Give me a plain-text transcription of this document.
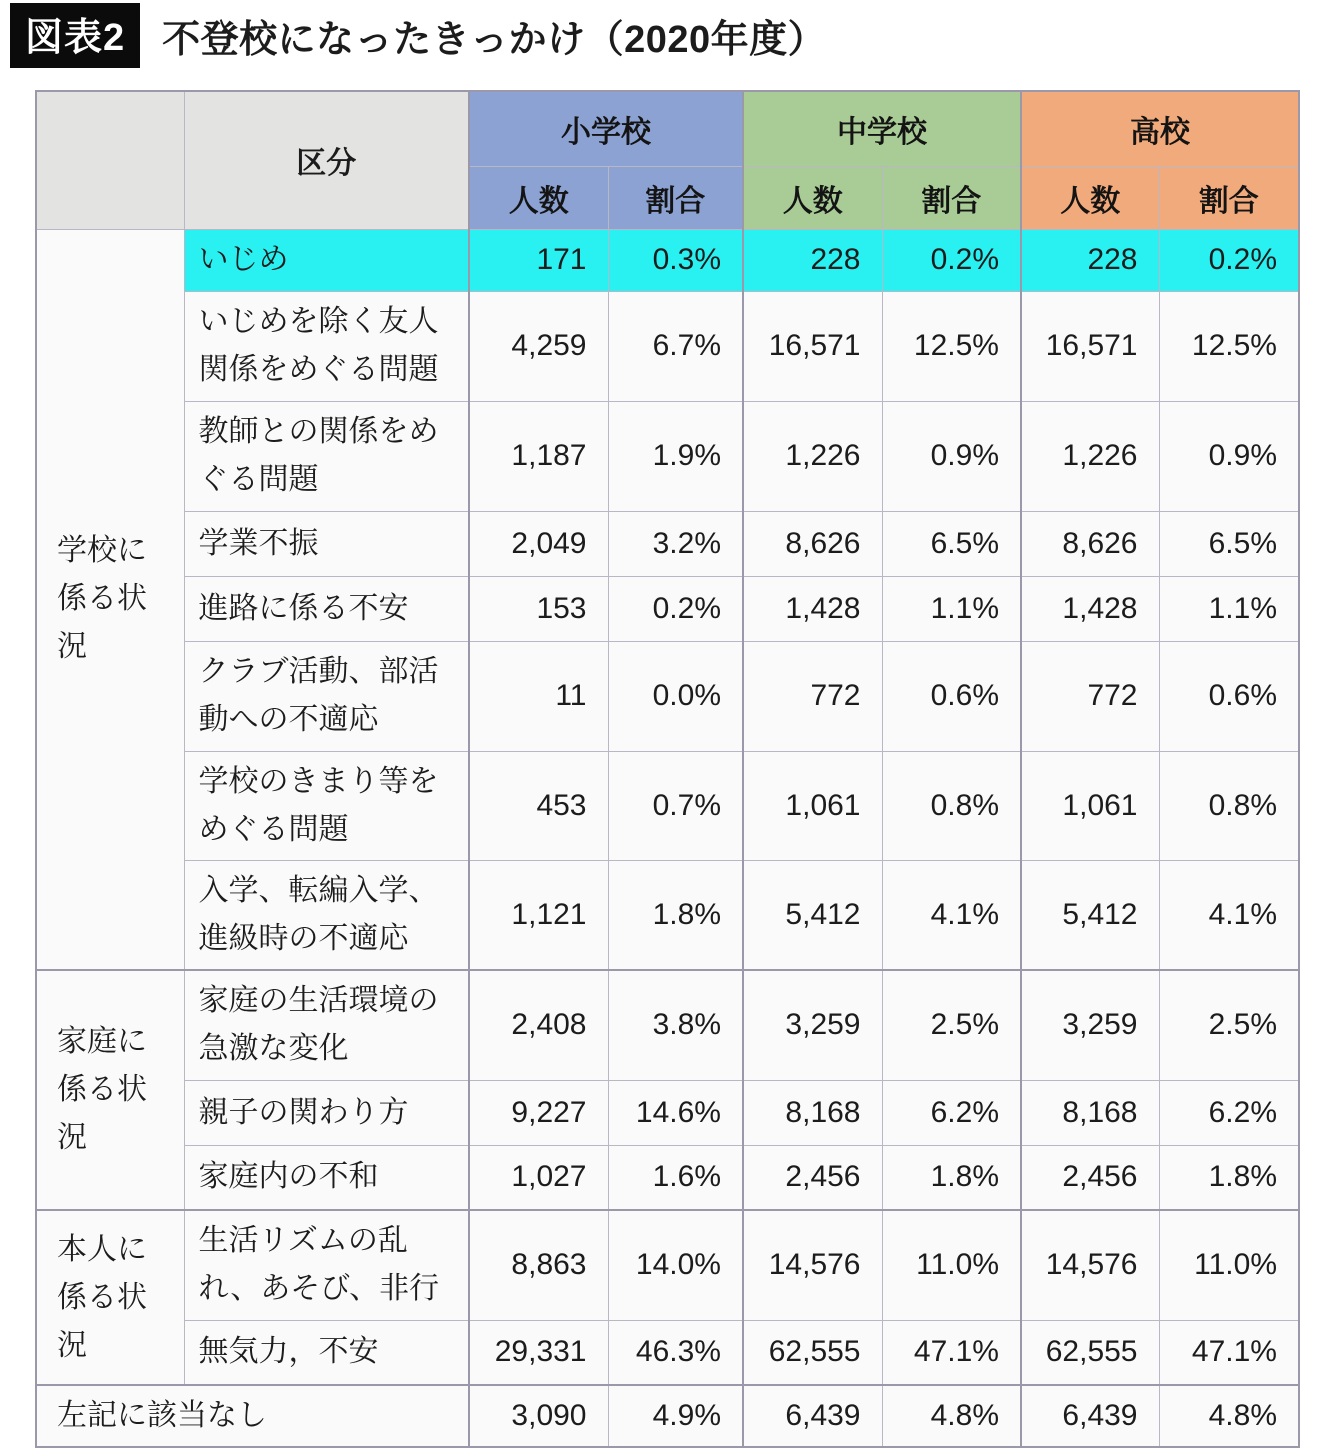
図表2 不登校になったきっかけ（2020年度）
	区分	小学校		中学校		高校	
		人数	割合	人数	割合	人数	割合
学校に係る状況	いじめ	171	0.3%	228	0.2%	228	0.2%
	いじめを除く友人関係をめぐる問題	4,259	6.7%	16,571	12.5%	16,571	12.5%
	教師との関係をめぐる問題	1,187	1.9%	1,226	0.9%	1,226	0.9%
	学業不振	2,049	3.2%	8,626	6.5%	8,626	6.5%
	進路に係る不安	153	0.2%	1,428	1.1%	1,428	1.1%
	クラブ活動、部活動への不適応	11	0.0%	772	0.6%	772	0.6%
	学校のきまり等をめぐる問題	453	0.7%	1,061	0.8%	1,061	0.8%
	入学、転編入学、進級時の不適応	1,121	1.8%	5,412	4.1%	5,412	4.1%
家庭に係る状況	家庭の生活環境の急激な変化	2,408	3.8%	3,259	2.5%	3,259	2.5%
	親子の関わり方	9,227	14.6%	8,168	6.2%	8,168	6.2%
	家庭内の不和	1,027	1.6%	2,456	1.8%	2,456	1.8%
本人に係る状況	生活リズムの乱れ、あそび、非行	8,863	14.0%	14,576	11.0%	14,576	11.0%
	無気力，不安	29,331	46.3%	62,555	47.1%	62,555	47.1%
左記に該当なし		3,090	4.9%	6,439	4.8%	6,439	4.8%
